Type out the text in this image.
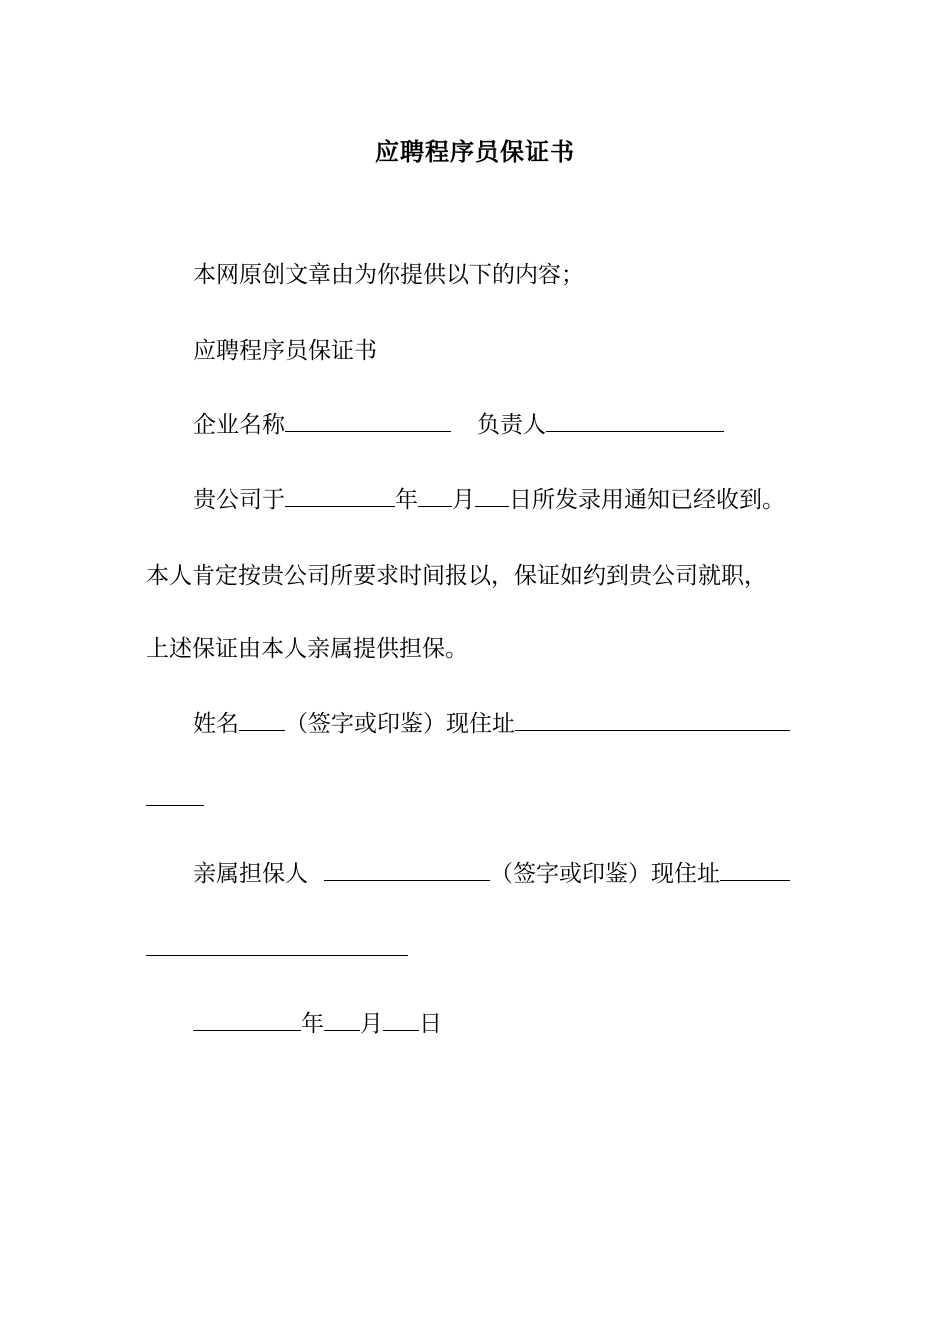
应聘程序员保证书
本网原创文章由为你提供以下的内容；
应聘程序员保证书
企业名称	负责人
贵公司于	年 月 日所发录用通知已经收到。
本人肯定按贵公司所要求时间报以，保证如约到贵公司就职，
上述保证由本人亲属提供担保。
姓名 （签字或印鉴）现住址
亲属担保人	（签字或印鉴）现住址
年 月 日
